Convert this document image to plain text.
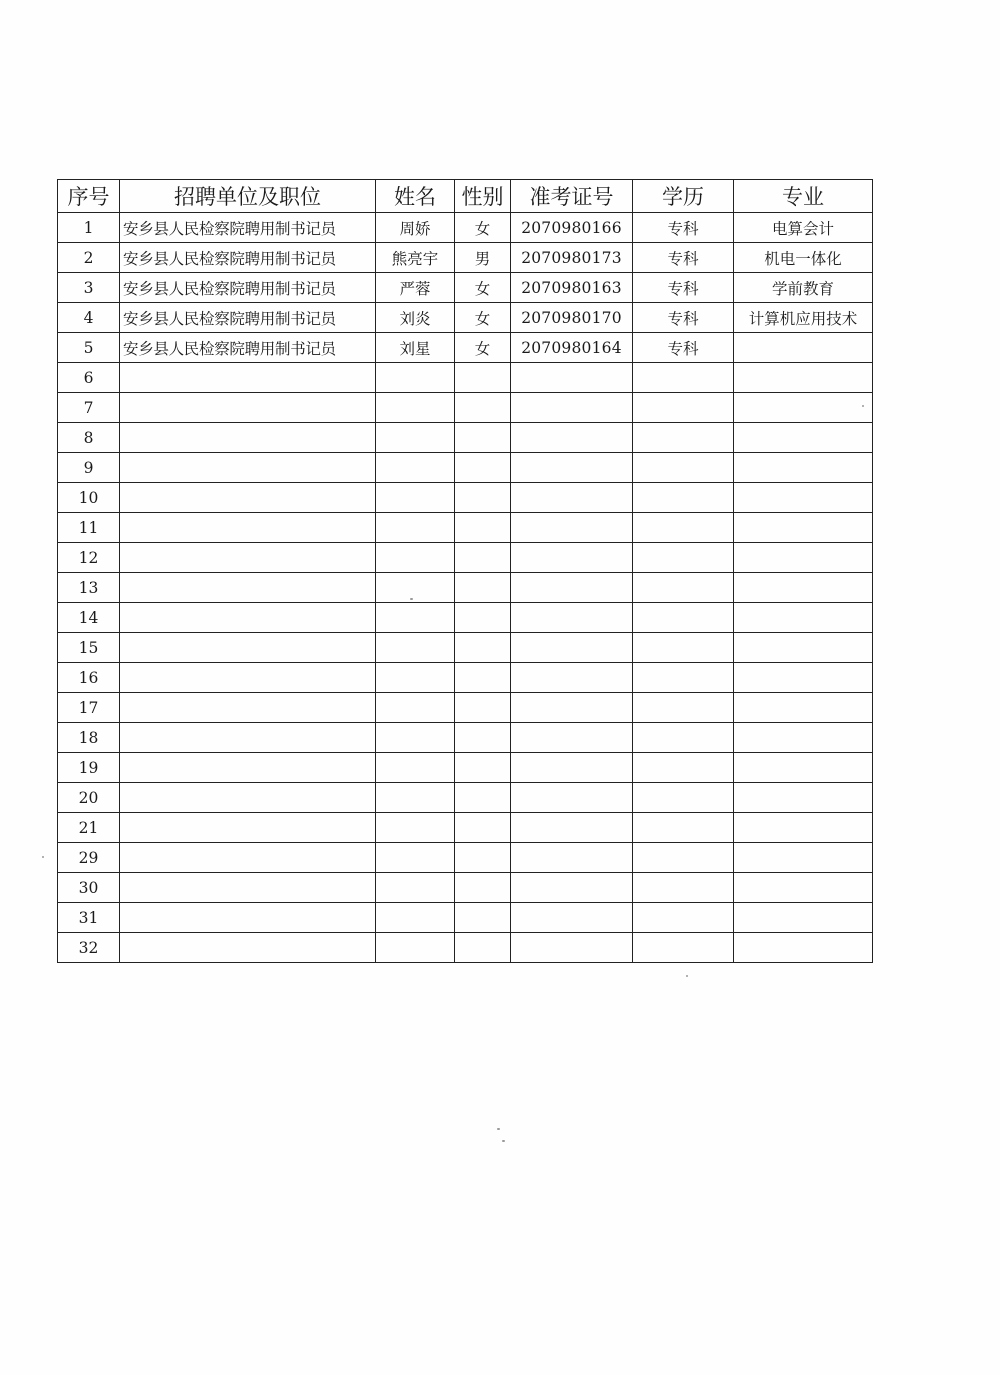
序号	招聘单位及职位	姓名	性别	准考证号	学历	专业
1	安乡县人民检察院聘用制书记员	周娇	女	2070980166	专科	电算会计
2	安乡县人民检察院聘用制书记员	熊亮宇	男	2070980173	专科	机电一体化
3	安乡县人民检察院聘用制书记员	严蓉	女	2070980163	专科	学前教育
4	安乡县人民检察院聘用制书记员	刘炎	女	2070980170	专科	计算机应用技术
5	安乡县人民检察院聘用制书记员	刘星	女	2070980164	专科	
6						
7						
8						
9						
10						
11						
12						
13						
14						
15						
16						
17						
18						
19						
20						
21						
29						
30						
31						
32						
